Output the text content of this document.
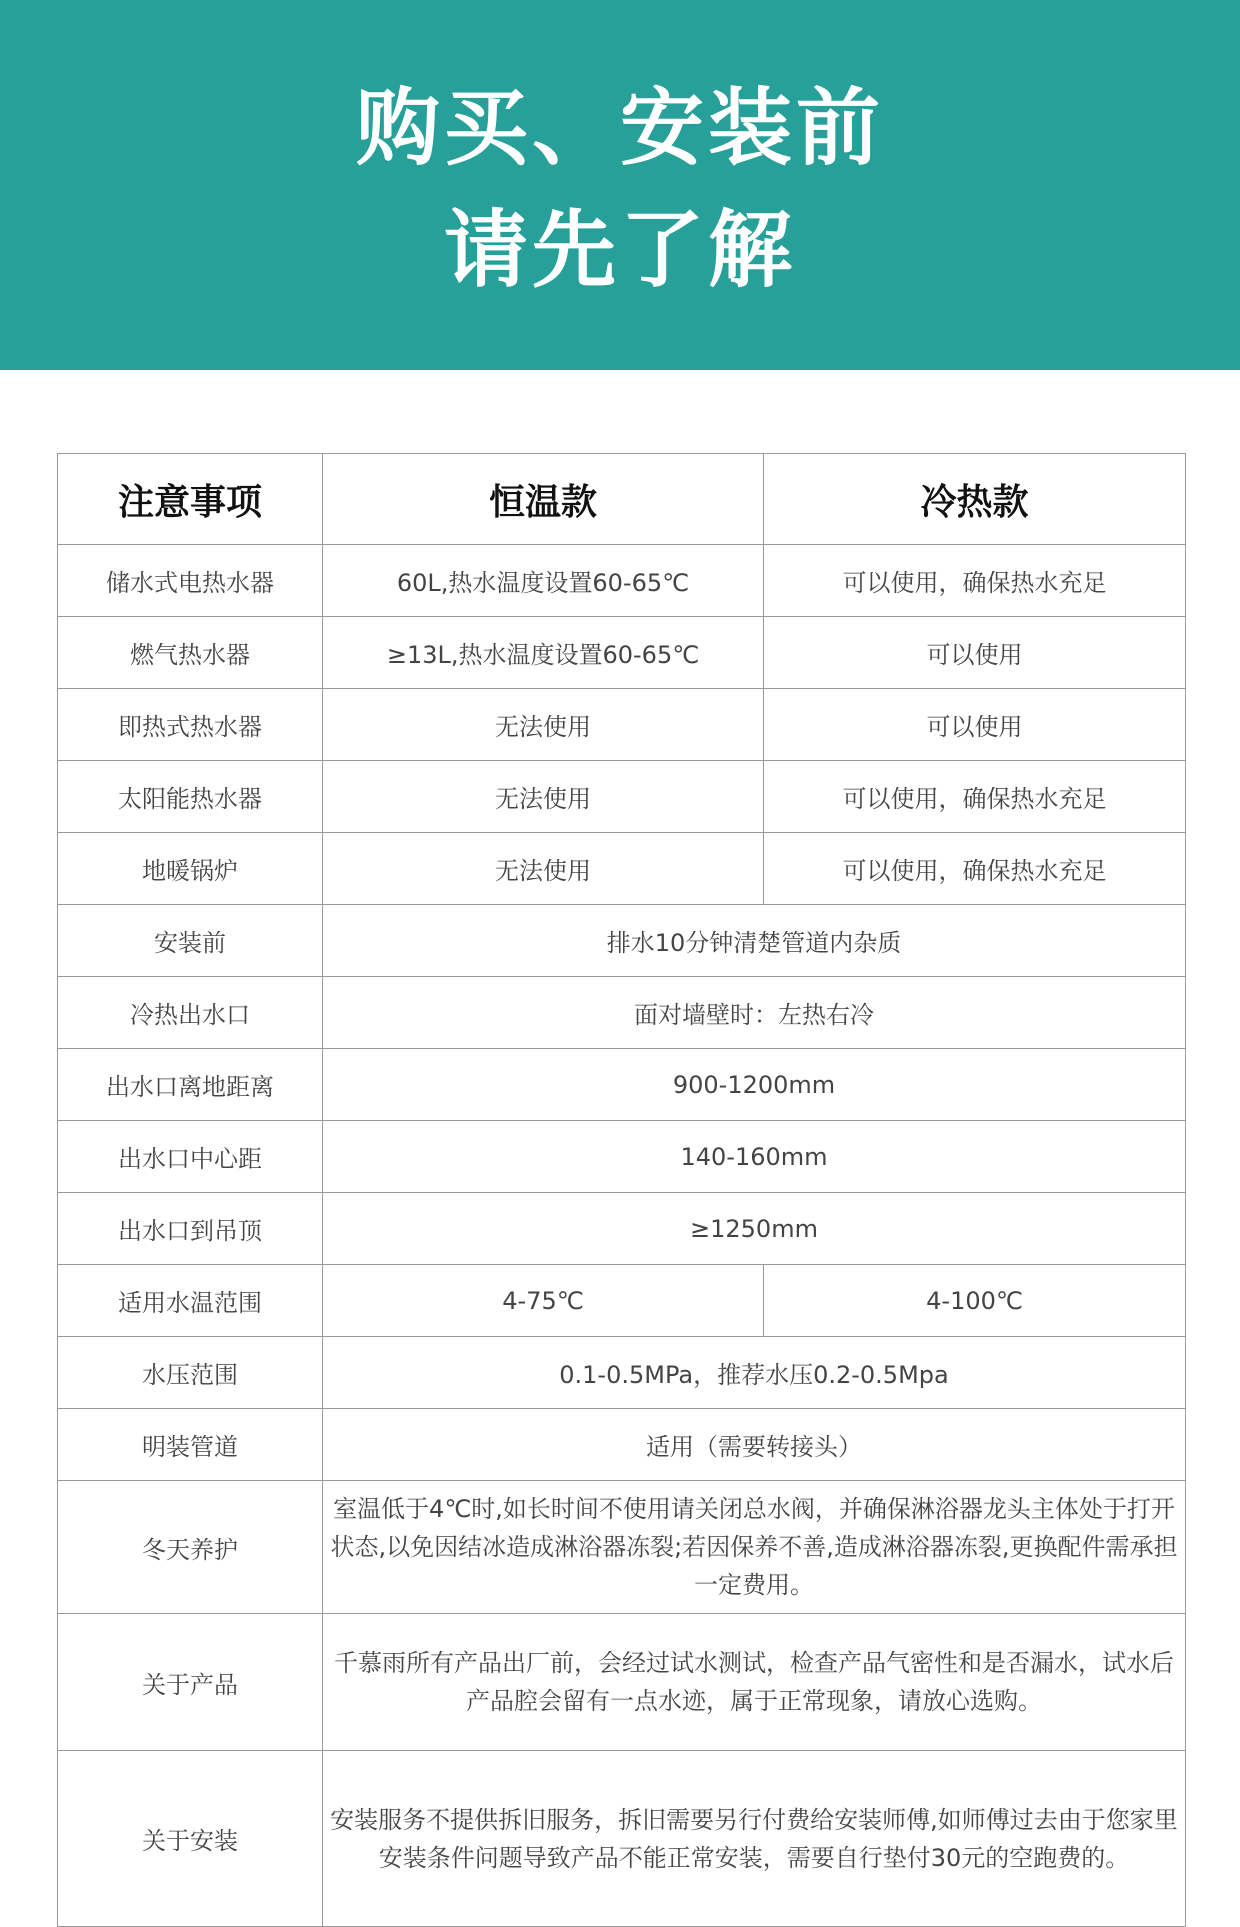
购买、安装前
请先了解
注意事项	恒温款	冷热款
储水式电热水器	60L,热水温度设置60-65℃	可以使用，确保热水充足
燃气热水器	≥13L,热水温度设置60-65℃	可以使用
即热式热水器	无法使用	可以使用
太阳能热水器	无法使用	可以使用，确保热水充足
地暖锅炉	无法使用	可以使用，确保热水充足
安装前	排水10分钟清楚管道内杂质	
冷热出水口	面对墙壁时：左热右冷	
出水口离地距离	900-1200mm	
出水口中心距	140-160mm	
出水口到吊顶	≥1250mm	
适用水温范围	4-75℃	4-100℃
水压范围	0.1-0.5MPa，推荐水压0.2-0.5Mpa	
明装管道	适用（需要转接头）	
冬天养护	室温低于4℃时,如长时间不使用请关闭总水阀，并确保淋浴器龙头主体处于打开状态,以免因结冰造成淋浴器冻裂;若因保养不善,造成淋浴器冻裂,更换配件需承担一定费用。	
关于产品	千慕雨所有产品出厂前，会经过试水测试，检查产品气密性和是否漏水，试水后产品腔会留有一点水迹，属于正常现象，请放心选购。	
关于安装	安装服务不提供拆旧服务，拆旧需要另行付费给安装师傅,如师傅过去由于您家里安装条件问题导致产品不能正常安装，需要自行垫付30元的空跑费的。	
